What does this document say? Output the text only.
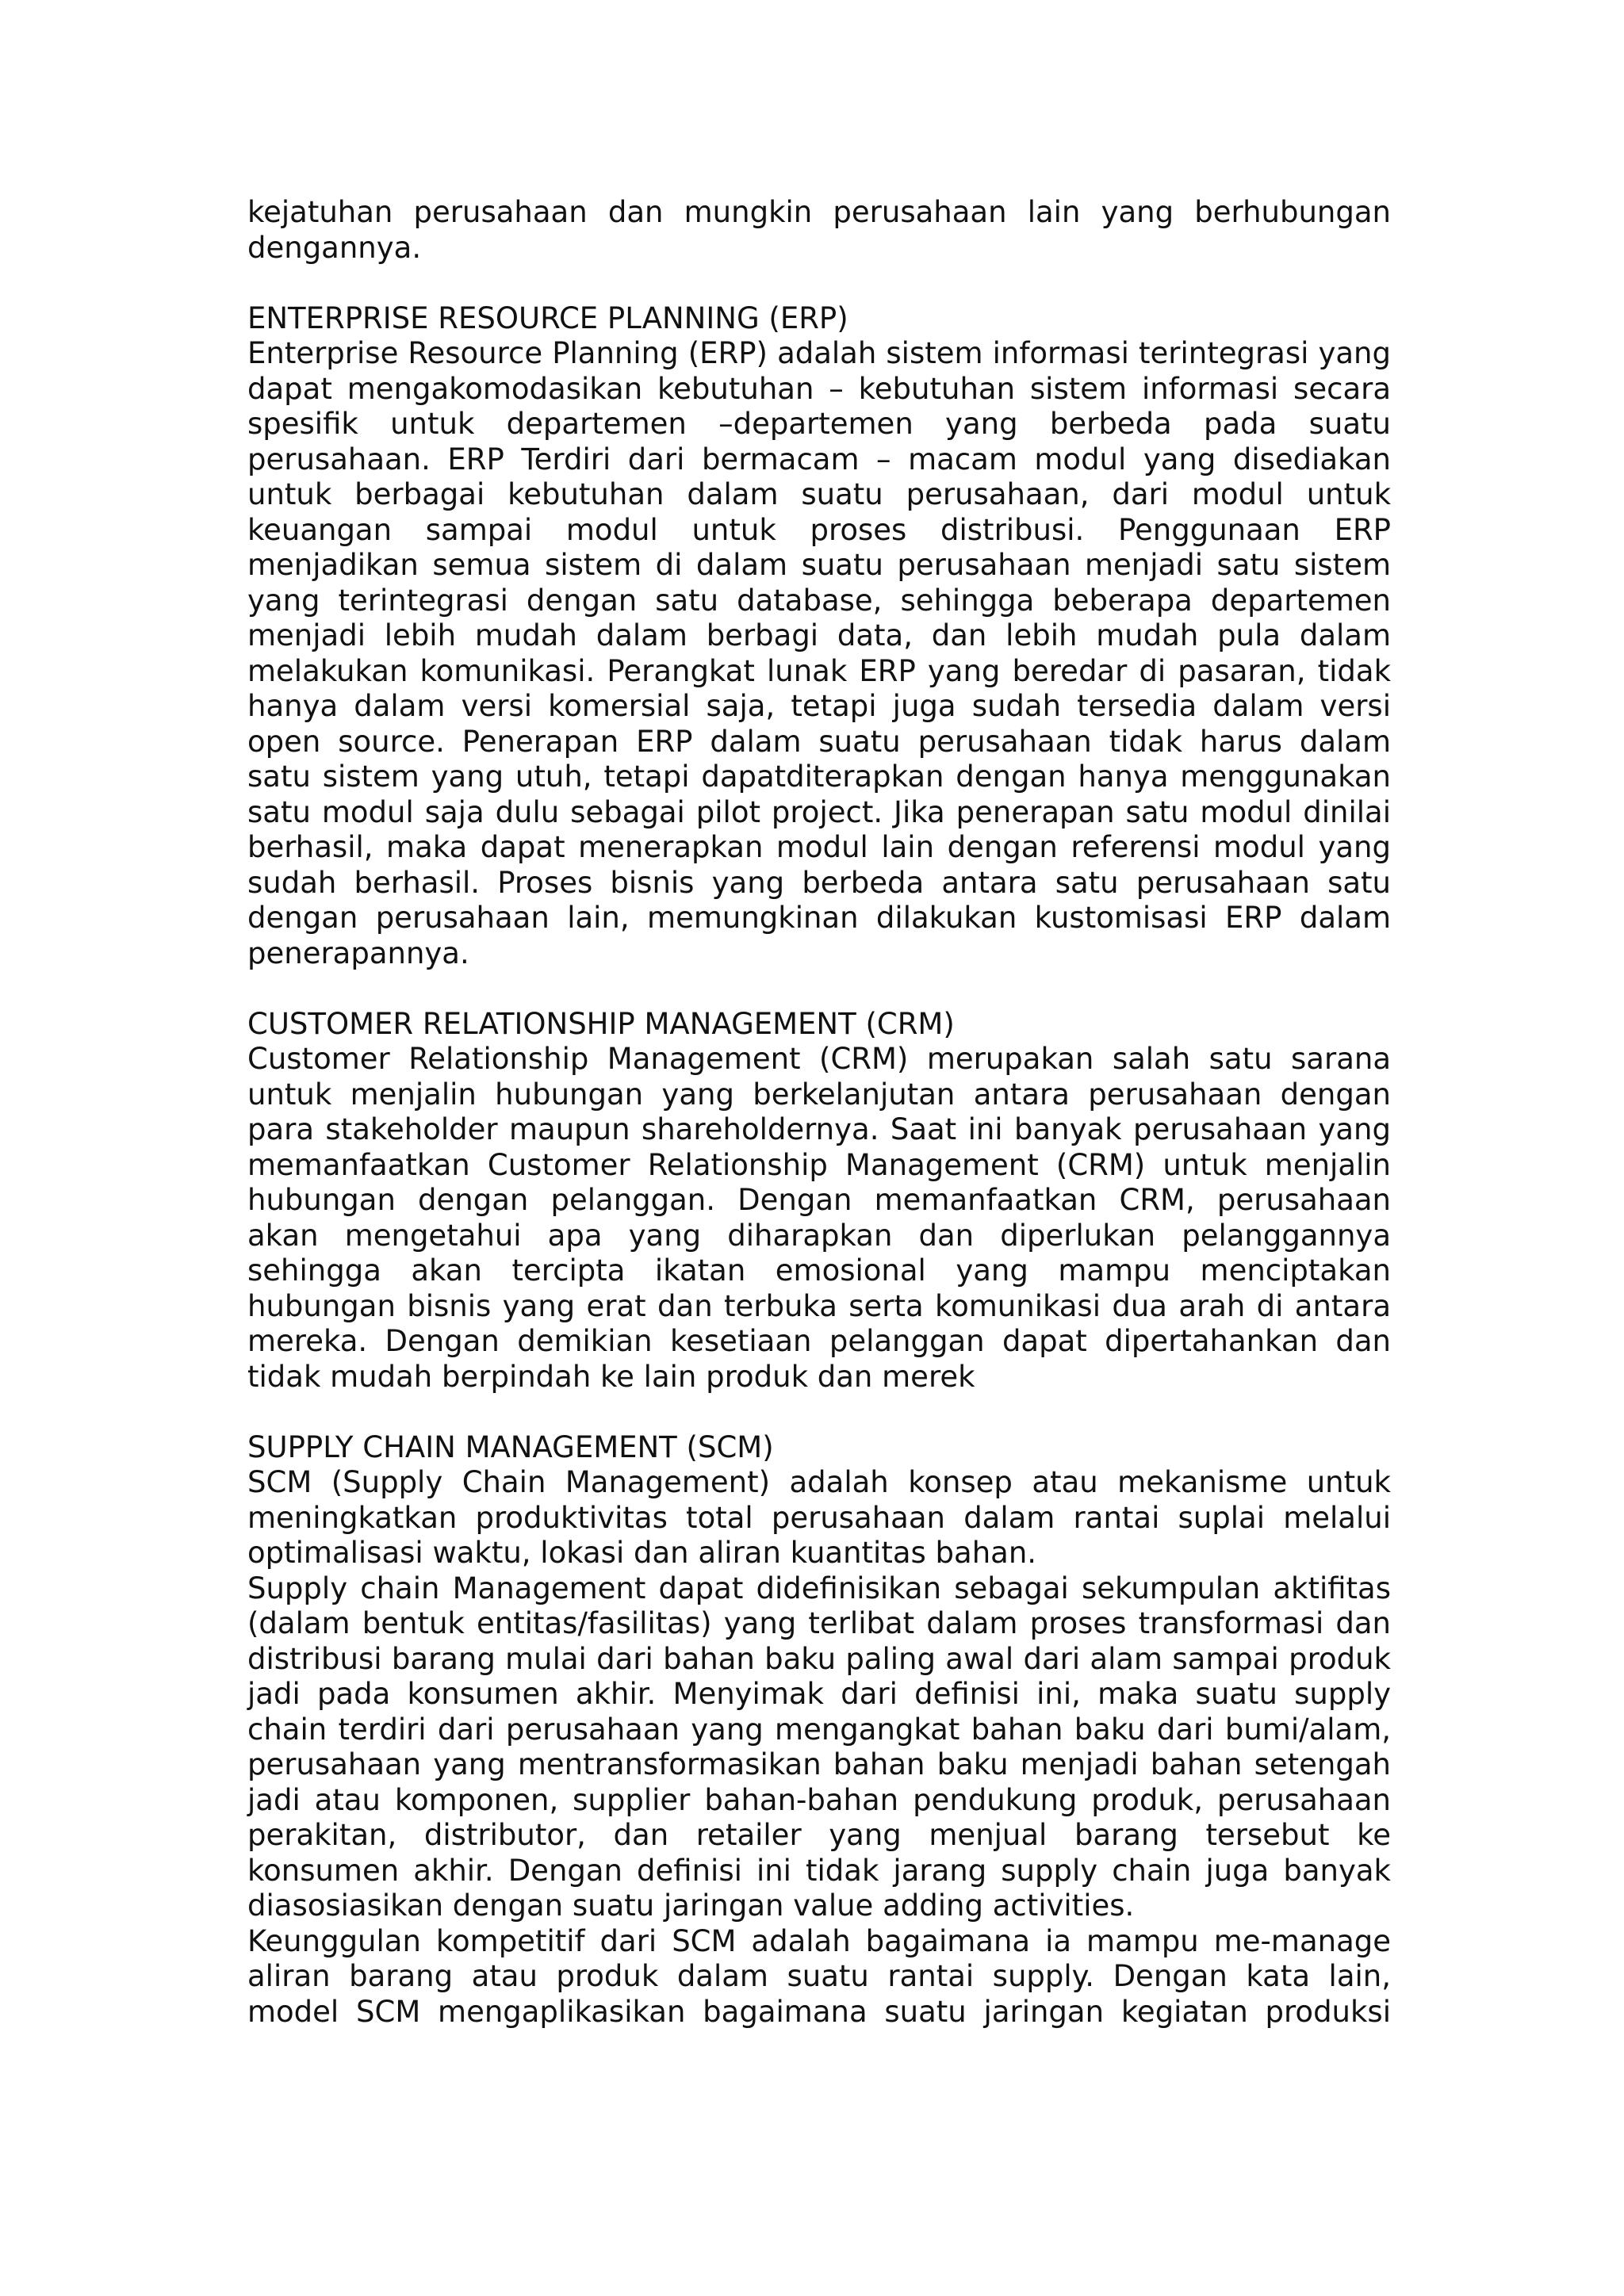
kejatuhan perusahaan dan mungkin perusahaan lain yang berhubungan dengannya.

ENTERPRISE RESOURCE PLANNING (ERP)

Enterprise Resource Planning (ERP) adalah sistem informasi terintegrasi yang dapat mengakomodasikan kebutuhan – kebutuhan sistem informasi secara spesifik untuk departemen –departemen yang berbeda pada suatu perusahaan. ERP Terdiri dari bermacam – macam modul yang disediakan untuk berbagai kebutuhan dalam suatu perusahaan, dari modul untuk keuangan sampai modul untuk proses distribusi. Penggunaan ERP menjadikan semua sistem di dalam suatu perusahaan menjadi satu sistem yang terintegrasi dengan satu database, sehingga beberapa departemen menjadi lebih mudah dalam berbagi data, dan lebih mudah pula dalam melakukan komunikasi. Perangkat lunak ERP yang beredar di pasaran, tidak hanya dalam versi komersial saja, tetapi juga sudah tersedia dalam versi open source. Penerapan ERP dalam suatu perusahaan tidak harus dalam satu sistem yang utuh, tetapi dapatditerapkan dengan hanya menggunakan satu modul saja dulu sebagai pilot project. Jika penerapan satu modul dinilai berhasil, maka dapat menerapkan modul lain dengan referensi modul yang sudah berhasil. Proses bisnis yang berbeda antara satu perusahaan satu dengan perusahaan lain, memungkinan dilakukan kustomisasi ERP dalam penerapannya.

CUSTOMER RELATIONSHIP MANAGEMENT (CRM)

Customer Relationship Management (CRM) merupakan salah satu sarana untuk menjalin hubungan yang berkelanjutan antara perusahaan dengan para stakeholder maupun shareholdernya. Saat ini banyak perusahaan yang memanfaatkan Customer Relationship Management (CRM) untuk menjalin hubungan dengan pelanggan. Dengan memanfaatkan CRM, perusahaan akan mengetahui apa yang diharapkan dan diperlukan pelanggannya sehingga akan tercipta ikatan emosional yang mampu menciptakan hubungan bisnis yang erat dan terbuka serta komunikasi dua arah di antara mereka. Dengan demikian kesetiaan pelanggan dapat dipertahankan dan tidak mudah berpindah ke lain produk dan merek

SUPPLY CHAIN MANAGEMENT (SCM)

SCM (Supply Chain Management) adalah konsep atau mekanisme untuk meningkatkan produktivitas total perusahaan dalam rantai suplai melalui optimalisasi waktu, lokasi dan aliran kuantitas bahan.

Supply chain Management dapat didefinisikan sebagai sekumpulan aktifitas (dalam bentuk entitas/fasilitas) yang terlibat dalam proses transformasi dan distribusi barang mulai dari bahan baku paling awal dari alam sampai produk jadi pada konsumen akhir. Menyimak dari definisi ini, maka suatu supply chain terdiri dari perusahaan yang mengangkat bahan baku dari bumi/alam, perusahaan yang mentransformasikan bahan baku menjadi bahan setengah jadi atau komponen, supplier bahan-bahan pendukung produk, perusahaan perakitan, distributor, dan retailer yang menjual barang tersebut ke konsumen akhir. Dengan definisi ini tidak jarang supply chain juga banyak diasosiasikan dengan suatu jaringan value adding activities.

Keunggulan kompetitif dari SCM adalah bagaimana ia mampu me-manage aliran barang atau produk dalam suatu rantai supply. Dengan kata lain, model SCM mengaplikasikan bagaimana suatu jaringan kegiatan produksi
